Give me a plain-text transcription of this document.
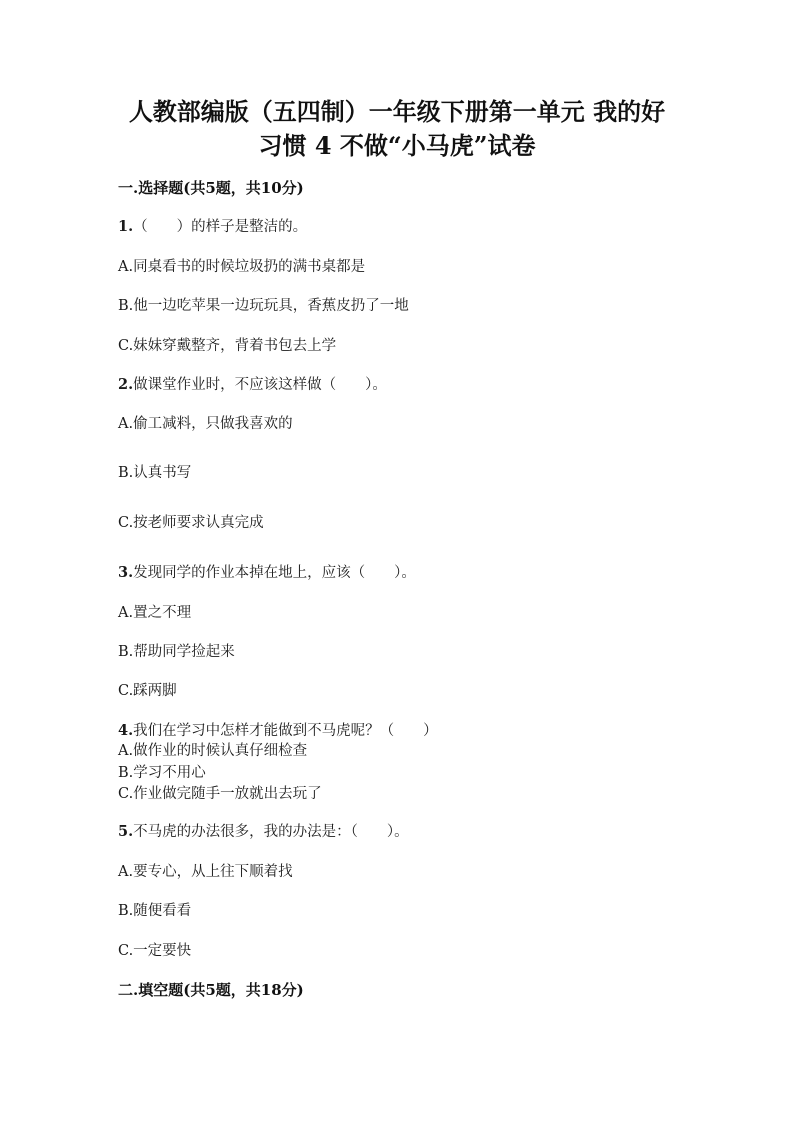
人教部编版（五四制）一年级下册第一单元 我的好
习惯 4 不做“小马虎”试卷
一.选择题(共5题，共10分)
1.（　　）的样子是整洁的。
A.同桌看书的时候垃圾扔的满书桌都是
B.他一边吃苹果一边玩玩具，香蕉皮扔了一地
C.妹妹穿戴整齐，背着书包去上学
2.做课堂作业时，不应该这样做（　　）。
A.偷工减料，只做我喜欢的
B.认真书写
C.按老师要求认真完成
3.发现同学的作业本掉在地上，应该（　　）。
A.置之不理
B.帮助同学捡起来
C.踩两脚
4.我们在学习中怎样才能做到不马虎呢？（　　）
A.做作业的时候认真仔细检查
B.学习不用心
C.作业做完随手一放就出去玩了
5.不马虎的办法很多，我的办法是：（　　）。
A.要专心，从上往下顺着找
B.随便看看
C.一定要快
二.填空题(共5题，共18分)
